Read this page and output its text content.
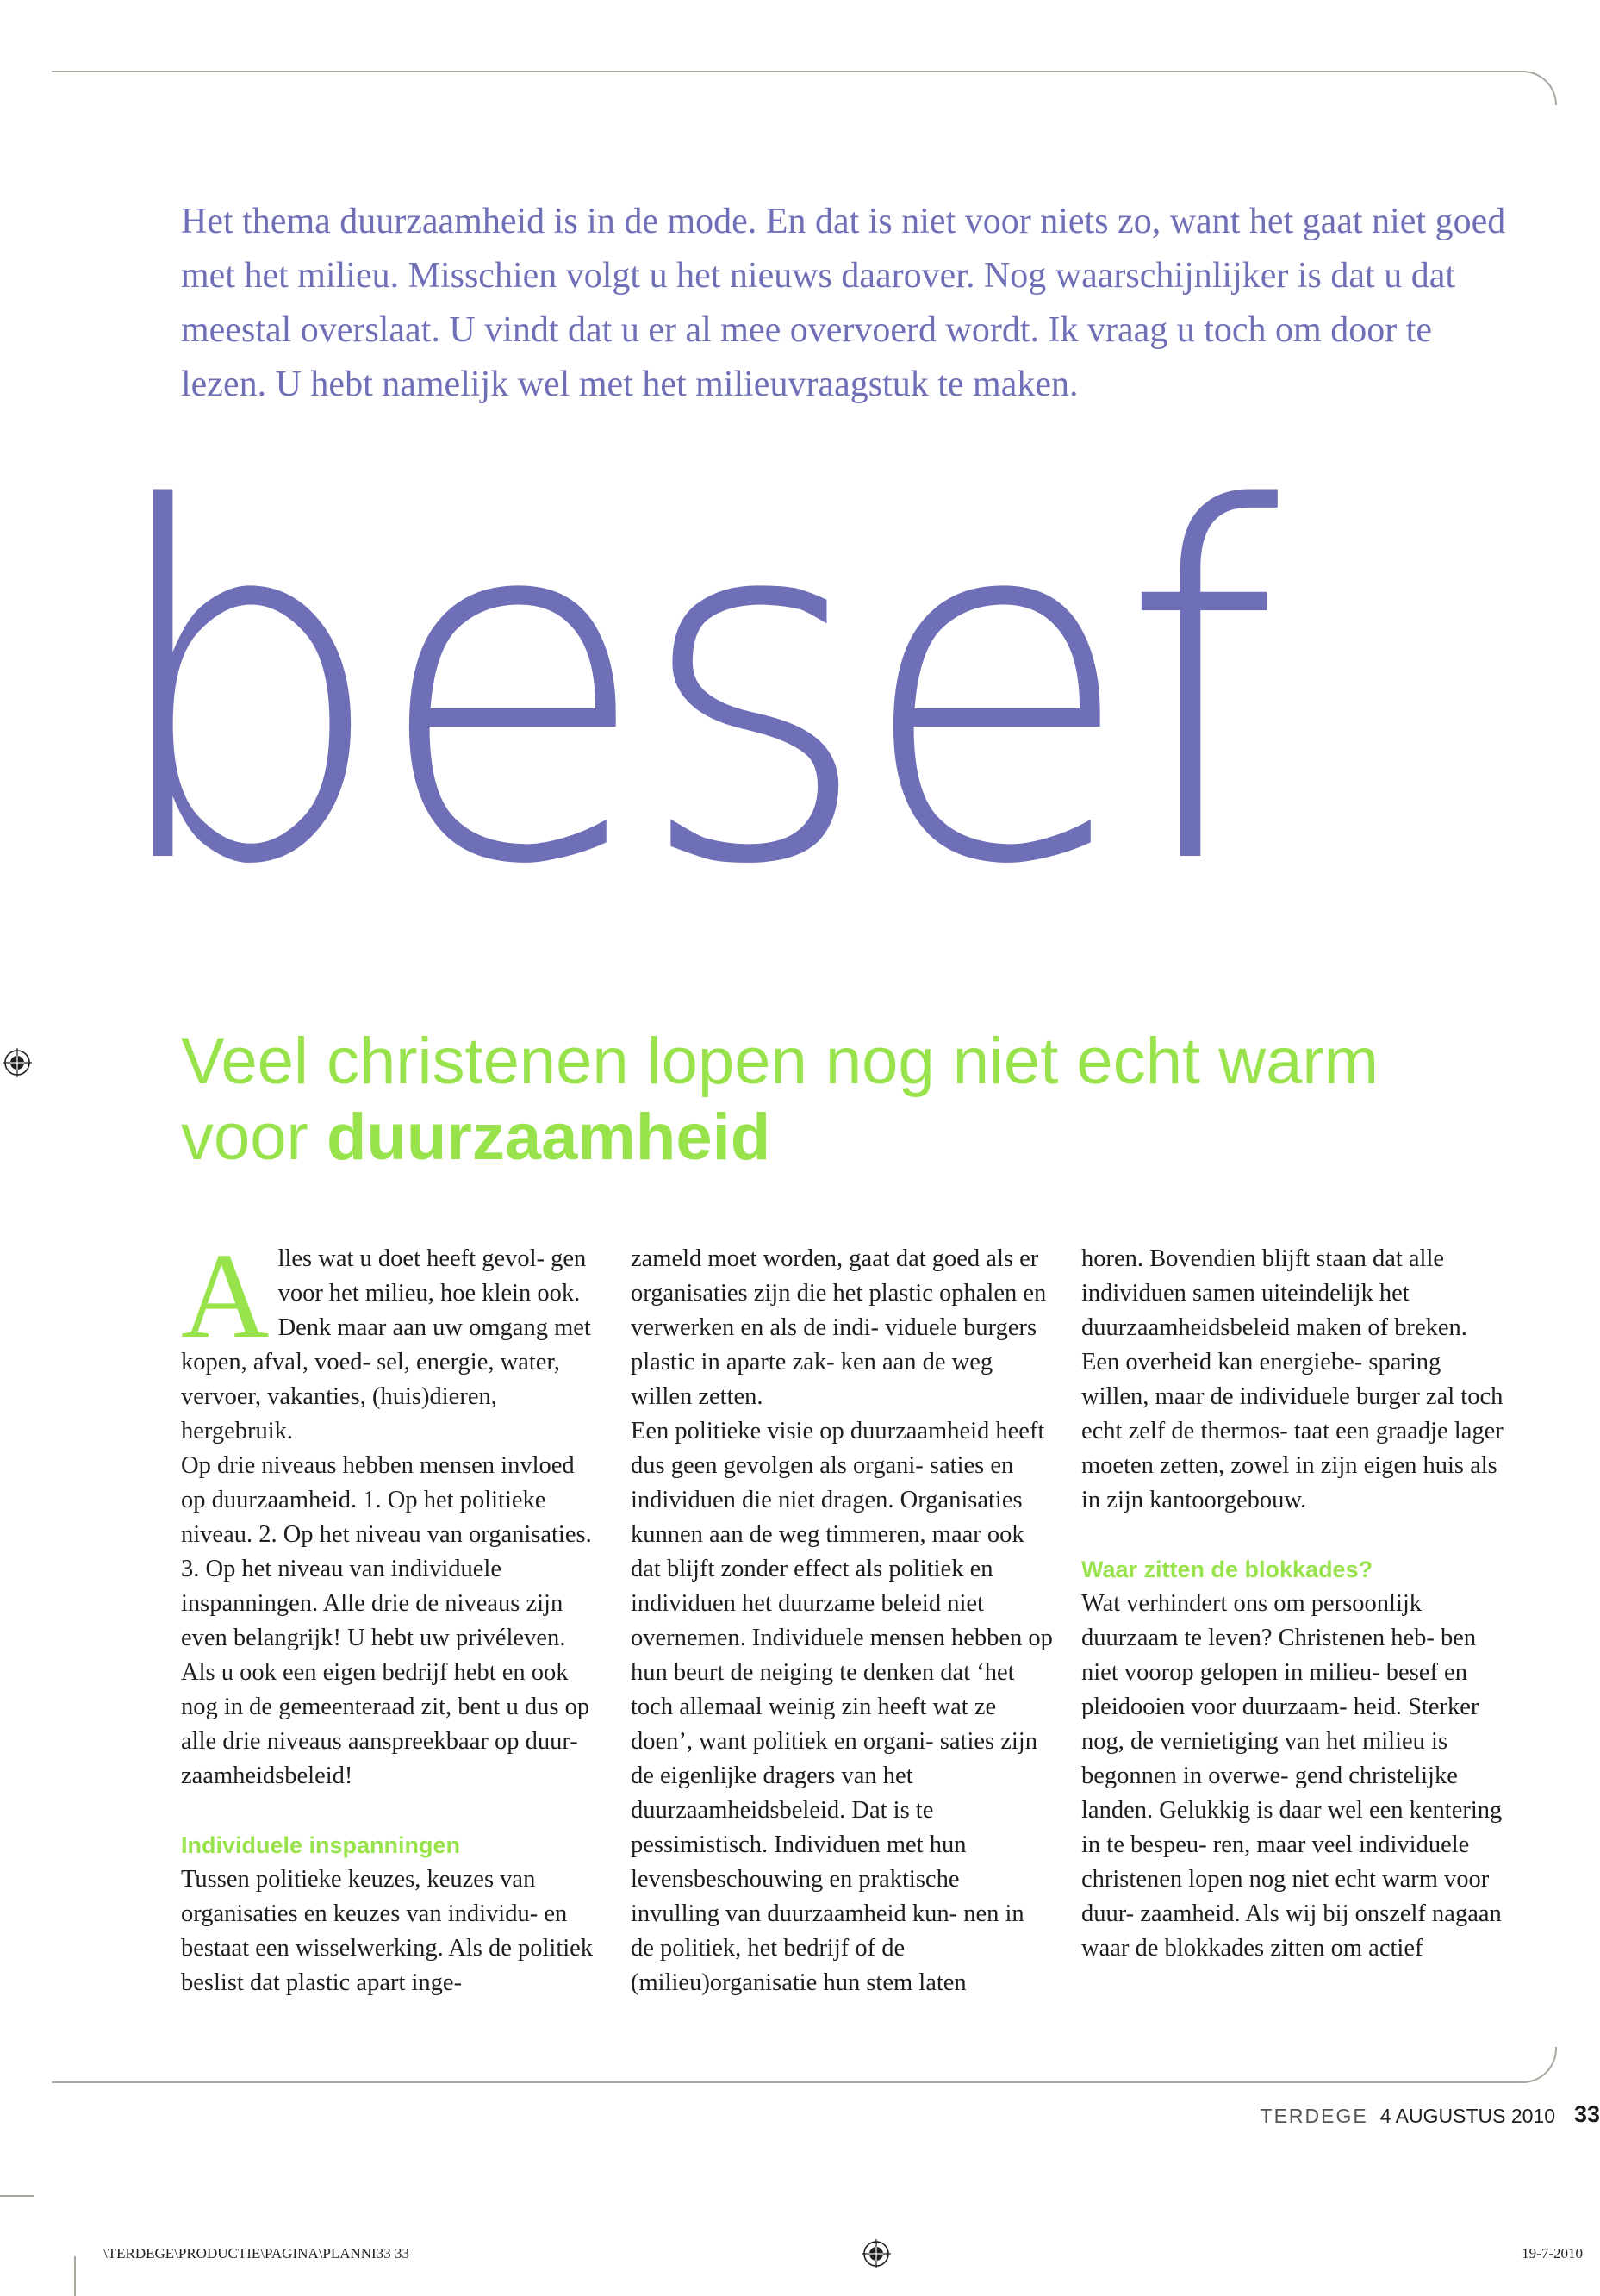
Het thema duurzaamheid is in de mode. En dat is niet voor niets zo, want het gaat niet goed met het milieu. Misschien volgt u het nieuws daarover. Nog waarschijnlijker is dat u dat meestal overslaat. U vindt dat u er al mee overvoerd wordt. Ik vraag u toch om door te lezen. U hebt namelijk wel met het milieuvraagstuk te maken.

besef
Veel christenen lopen nog niet echt warm
voor duurzaamheid
A lles wat u doet heeft gevol- gen voor het milieu, hoe klein ook. Denk maar aan uw omgang met kopen, afval, voed- sel, energie, water, vervoer, vakanties, (huis)dieren, hergebruik.

Op drie niveaus hebben mensen invloed op duurzaamheid. 1. Op het politieke niveau. 2. Op het niveau van organisaties. 3. Op het niveau van individuele inspanningen. Alle drie de niveaus zijn even belangrijk! U hebt uw privéleven. Als u ook een eigen bedrijf hebt en ook nog in de gemeenteraad zit, bent u dus op alle drie niveaus aanspreekbaar op duur- zaamheidsbeleid!

Individuele inspanningen

Tussen politieke keuzes, keuzes van organisaties en keuzes van individu- en bestaat een wisselwerking. Als de politiek beslist dat plastic apart inge-

zameld moet worden, gaat dat goed als er organisaties zijn die het plastic ophalen en verwerken en als de indi- viduele burgers plastic in aparte zak- ken aan de weg willen zetten.

Een politieke visie op duurzaamheid heeft dus geen gevolgen als organi- saties en individuen die niet dragen. Organisaties kunnen aan de weg timmeren, maar ook dat blijft zonder effect als politiek en individuen het duurzame beleid niet overnemen. Individuele mensen hebben op hun beurt de neiging te denken dat ‘het toch allemaal weinig zin heeft wat ze doen’, want politiek en organi- saties zijn de eigenlijke dragers van het duurzaamheidsbeleid. Dat is te pessimistisch. Individuen met hun levensbeschouwing en praktische invulling van duurzaamheid kun- nen in de politiek, het bedrijf of de (milieu)organisatie hun stem laten

horen. Bovendien blijft staan dat alle individuen samen uiteindelijk het duurzaamheidsbeleid maken of breken. Een overheid kan energiebe- sparing willen, maar de individuele burger zal toch echt zelf de thermos- taat een graadje lager moeten zetten, zowel in zijn eigen huis als in zijn kantoorgebouw.

Waar zitten de blokkades?

Wat verhindert ons om persoonlijk duurzaam te leven? Christenen heb- ben niet voorop gelopen in milieu- besef en pleidooien voor duurzaam- heid. Sterker nog, de vernietiging van het milieu is begonnen in overwe- gend christelijke landen. Gelukkig is daar wel een kentering in te bespeu- ren, maar veel individuele christenen lopen nog niet echt warm voor duur- zaamheid. Als wij bij onszelf nagaan waar de blokkades zitten om actief

TERDEGE 4 AUGUSTUS 2010 33
\TERDEGE\PRODUCTIE\PAGINA\PLANNI33 33	19-7-2010
